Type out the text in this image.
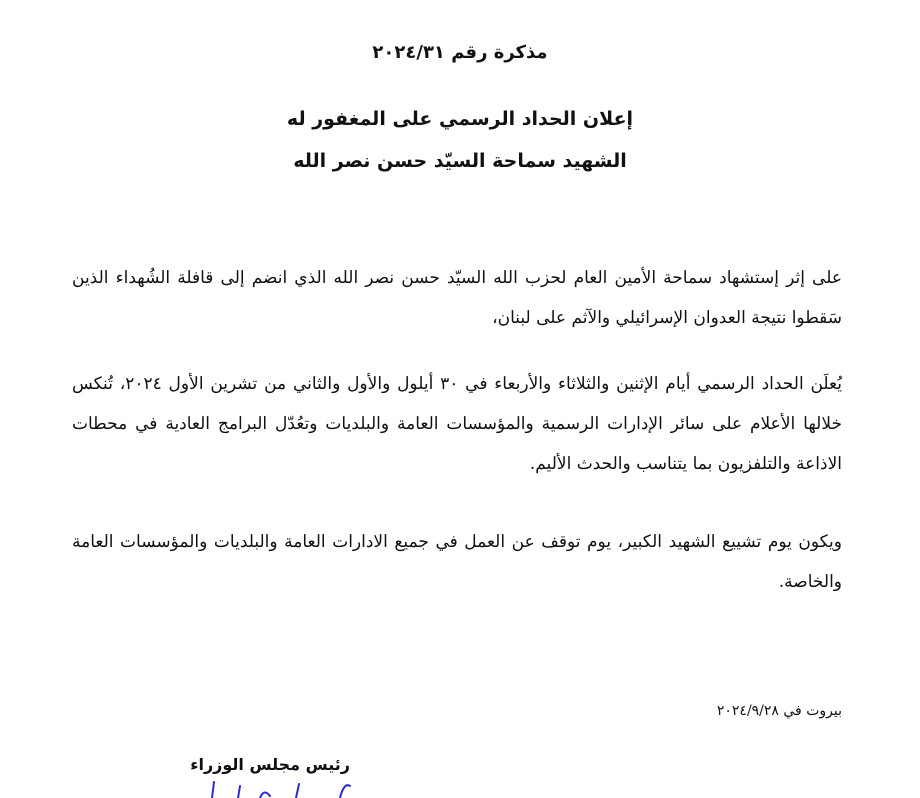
مذكرة رقم ٢٠٢٤/٣١
إعلان الحداد الرسمي على المغفور له
الشهيد سماحة السيّد حسن نصر الله
على إثر إستشهاد سماحة الأمين العام لحزب الله السيّد حسن نصر الله الذي انضم إلى قافلة الشُهداء الذين سَقطوا نتيجة العدوان الإسرائيلي والآثم على لبنان،
يُعلَن الحداد الرسمي أيام الإثنين والثلاثاء والأربعاء في ٣٠ أيلول والأول والثاني من تشرين الأول ٢٠٢٤، تُنكس خلالها الأعلام على سائر الإدارات الرسمية والمؤسسات العامة والبلديات وتعُدّل البرامج العادية في محطات الاذاعة والتلفزيون بما يتناسب والحدث الأليم.
ويكون يوم تشييع الشهيد الكبير، يوم توقف عن العمل في جميع الادارات العامة والبلديات والمؤسسات العامة والخاصة.
بيروت في ٢٠٢٤/٩/٢٨
رئيس مجلس الوزراء
